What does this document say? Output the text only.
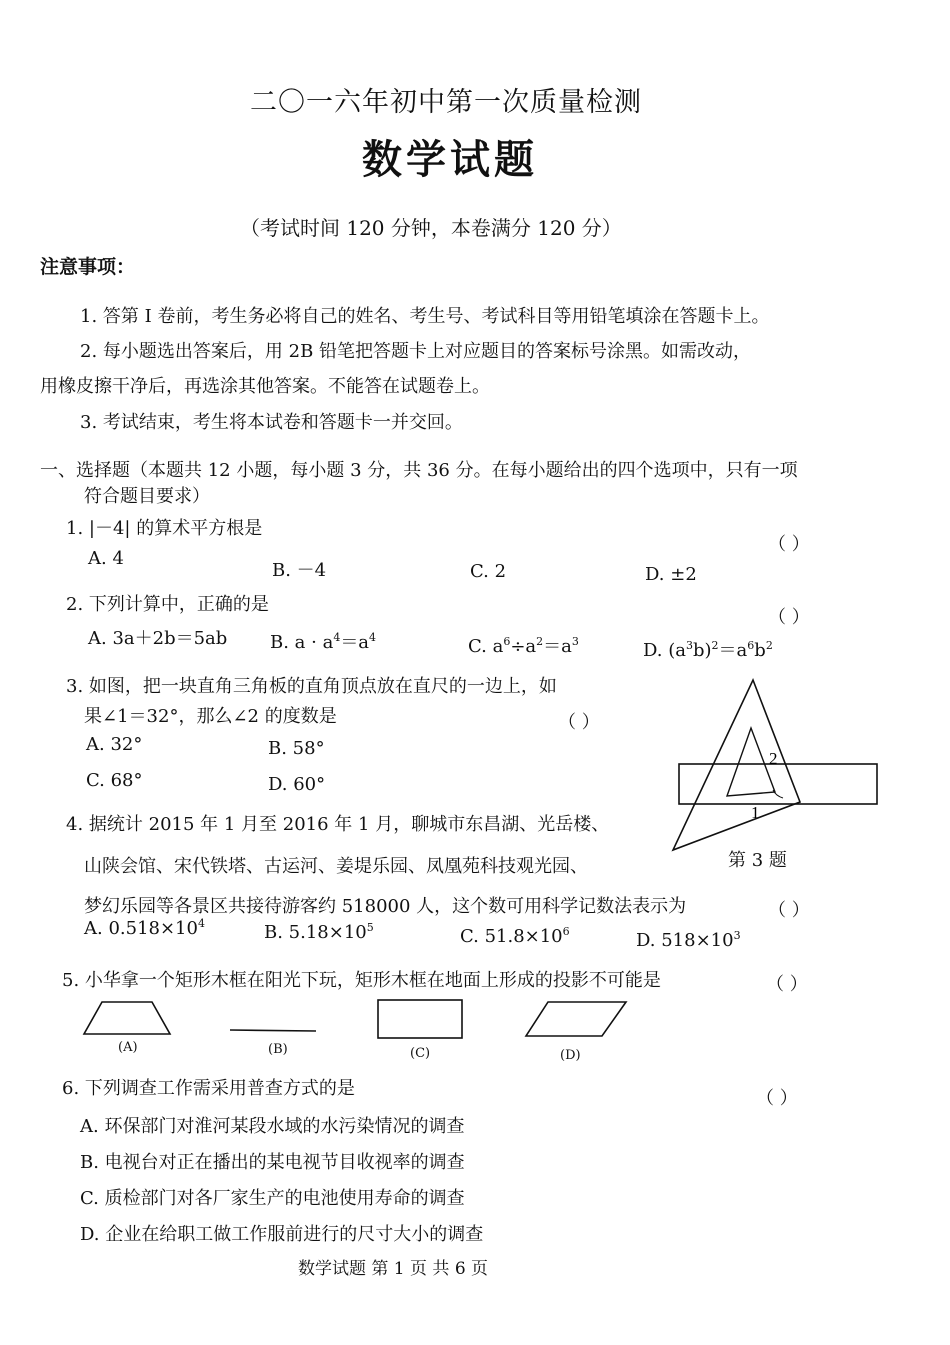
二〇一六年初中第一次质量检测
数学试题
（考试时间 120 分钟，本卷满分 120 分）
注意事项：
1. 答第 Ⅰ 卷前，考生务必将自己的姓名、考生号、考试科目等用铅笔填涂在答题卡上。
2. 每小题选出答案后，用 2B 铅笔把答题卡上对应题目的答案标号涂黑。如需改动，
用橡皮擦干净后，再选涂其他答案。不能答在试题卷上。
3. 考试结束，考生将本试卷和答题卡一并交回。
一、选择题（本题共 12 小题，每小题 3 分，共 36 分。在每小题给出的四个选项中，只有一项
符合题目要求）
1. |－4| 的算术平方根是
（ ）
A. 4
B. －4	C. 2	D. ±2
2. 下列计算中，正确的是
（ ）
A. 3a＋2b＝5ab B. $a \cdot a^4=a^4$	C. $a^6\div a^2=a^3$	D. $(a^3b)^2=a^6b^2$
3. 如图，把一块直角三角板的直角顶点放在直尺的一边上，如
果∠1＝32°，那么∠2 的度数是	（ ）
A. 32°	B. 58°
C. 68°	D. 60°
1
2
第 3 题
4. 据统计 2015 年 1 月至 2016 年 1 月，聊城市东昌湖、光岳楼、
山陕会馆、宋代铁塔、古运河、姜堤乐园、凤凰苑科技观光园、
梦幻乐园等各景区共接待游客约 518000 人，这个数可用科学记数法表示为	（ ）
A. $0.518\times 10^4$	B. $5.18\times 10^5$	C. $51.8\times 10^6$	D. $518\times 10^3$
5. 小华拿一个矩形木框在阳光下玩，矩形木框在地面上形成的投影不可能是	（ ）
(A)	(B)	(C)	(D)
6. 下列调查工作需采用普查方式的是	（ ）
A. 环保部门对淮河某段水域的水污染情况的调查
B. 电视台对正在播出的某电视节目收视率的调查
C. 质检部门对各厂家生产的电池使用寿命的调查
D. 企业在给职工做工作服前进行的尺寸大小的调查
数学试题 第 1 页 共 6 页
